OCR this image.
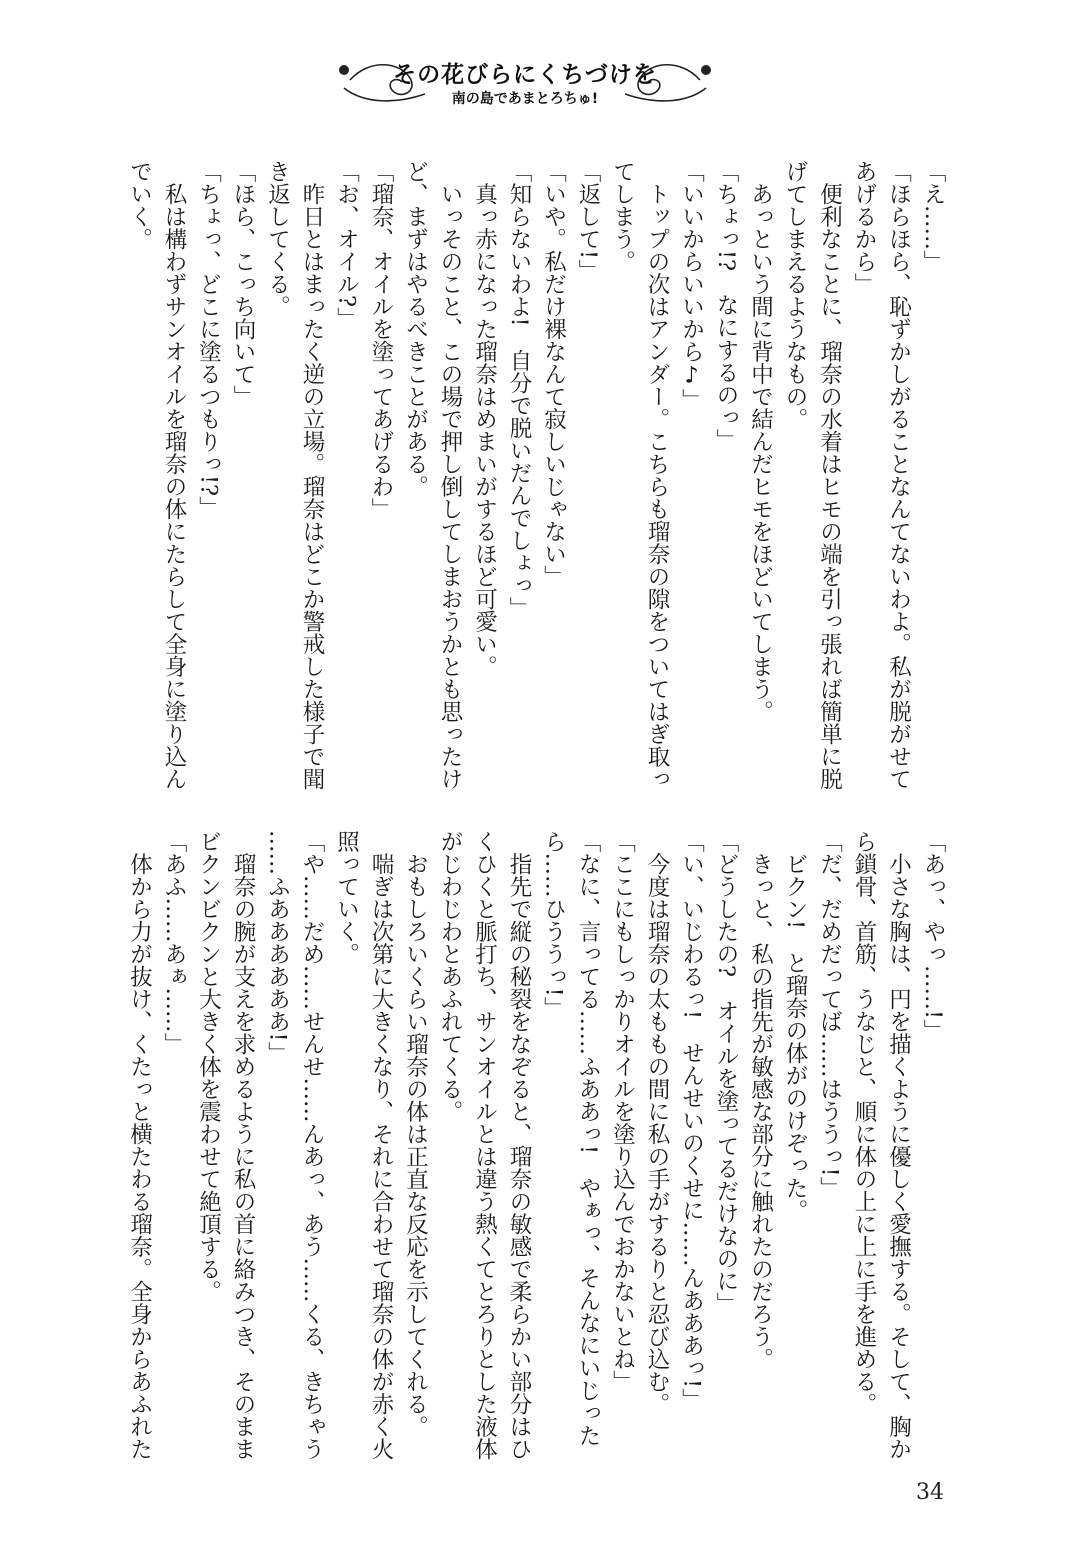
その花びらにくちづけを
南の島であまとろちゅ!
「え……」
「ほらほら、恥ずかしがることなんてないわよ。私が脱がせて
あげるから」
　便利なことに、瑠奈の水着はヒモの端を引っ張れば簡単に脱
げてしまえるようなもの。
　あっという間に背中で結んだヒモをほどいてしまう。
「ちょっ!?　なにするのっ」
「いいからいいから♪」
　トップの次はアンダー。こちらも瑠奈の隙をついてはぎ取っ
てしまう。
「返して!」
「いや。私だけ裸なんて寂しいじゃない」
「知らないわよ!　自分で脱いだんでしょっ」
　真っ赤になった瑠奈はめまいがするほど可愛い。
　いっそのこと、この場で押し倒してしまおうかとも思ったけ
ど、まずはやるべきことがある。
「瑠奈、オイルを塗ってあげるわ」
「お、オイル?」
　昨日とはまったく逆の立場。瑠奈はどこか警戒した様子で聞
き返してくる。
「ほら、こっち向いて」
「ちょっ、どこに塗るつもりっ!?」
　私は構わずサンオイルを瑠奈の体にたらして全身に塗り込ん
でいく。
「あっ、やっ……!」
　小さな胸は、円を描くように優しく愛撫する。そして、胸か
ら鎖骨、首筋、うなじと、順に体の上に上に手を進める。
「だ、だめだってば……はううっ!」
　ビクン!　と瑠奈の体がのけぞった。
　きっと、私の指先が敏感な部分に触れたのだろう。
「どうしたの?　オイルを塗ってるだけなのに」
「い、いじわるっ!　せんせいのくせに……んあああっ!」
　今度は瑠奈の太ももの間に私の手がするりと忍び込む。
「ここにもしっかりオイルを塗り込んでおかないとね」
「なに、言ってる……ふああっ!　やぁっ、そんなにいじった
ら……ひううっ!」
　指先で縦の秘裂をなぞると、瑠奈の敏感で柔らかい部分はひ
くひくと脈打ち、サンオイルとは違う熱くてとろりとした液体
がじわじわとあふれてくる。
　おもしろいくらい瑠奈の体は正直な反応を示してくれる。
　喘ぎは次第に大きくなり、それに合わせて瑠奈の体が赤く火
照っていく。
「や……だめ……せんせ……んあっ、あう……くる、きちゃう
……ふああああああ!」
　瑠奈の腕が支えを求めるように私の首に絡みつき、そのまま
ビクンビクンと大きく体を震わせて絶頂する。
「あふ……あぁ……」
　体から力が抜け、くたっと横たわる瑠奈。全身からあふれた
34
